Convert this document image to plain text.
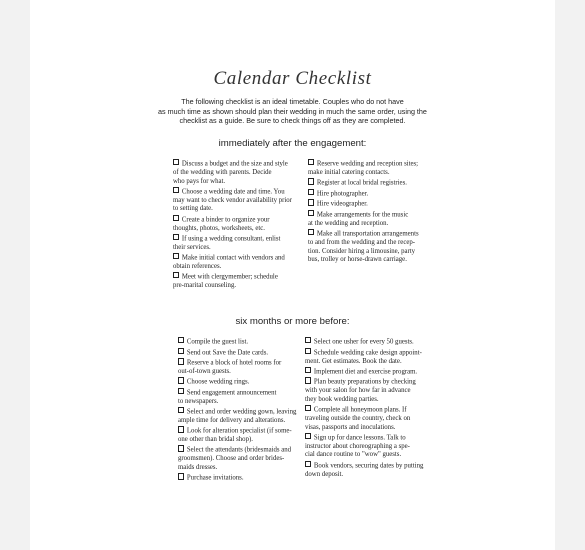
Calendar Checklist
The following checklist is an ideal timetable. Couples who do not have
as much time as shown should plan their wedding in much the same order, using the
checklist as a guide. Be sure to check things off as they are completed.
immediately after the engagement:
Discuss a budget and the size and style
of the wedding with parents. Decide
who pays for what.
Choose a wedding date and time. You
may want to check vendor availability prior
to setting date.
Create a binder to organize your
thoughts, photos, worksheets, etc.
If using a wedding consultant, enlist
their services.
Make initial contact with vendors and
obtain references.
Meet with clergymember; schedule
pre-marital counseling.
Reserve wedding and reception sites;
make initial catering contacts.
Register at local bridal registries.
Hire photographer.
Hire videographer.
Make arrangements for the music
at the wedding and reception.
Make all transportation arrangements
to and from the wedding and the recep-
tion. Consider hiring a limousine, party
bus, trolley or horse-drawn carriage.
six months or more before:
Compile the guest list.
Send out Save the Date cards.
Reserve a block of hotel rooms for
out-of-town guests.
Choose wedding rings.
Send engagement announcement
to newspapers.
Select and order wedding gown, leaving
ample time for delivery and alterations.
Look for alteration specialist (if some-
one other than bridal shop).
Select the attendants (bridesmaids and
groomsmen). Choose and order brides-
maids dresses.
Purchase invitations.
Select one usher for every 50 guests.
Schedule wedding cake design appoint-
ment. Get estimates. Book the date.
Implement diet and exercise program.
Plan beauty preparations by checking
with your salon for how far in advance
they book wedding parties.
Complete all honeymoon plans. If
traveling outside the country, check on
visas, passports and inoculations.
Sign up for dance lessons. Talk to
instructor about choreographing a spe-
cial dance routine to "wow" guests.
Book vendors, securing dates by putting
down deposit.
